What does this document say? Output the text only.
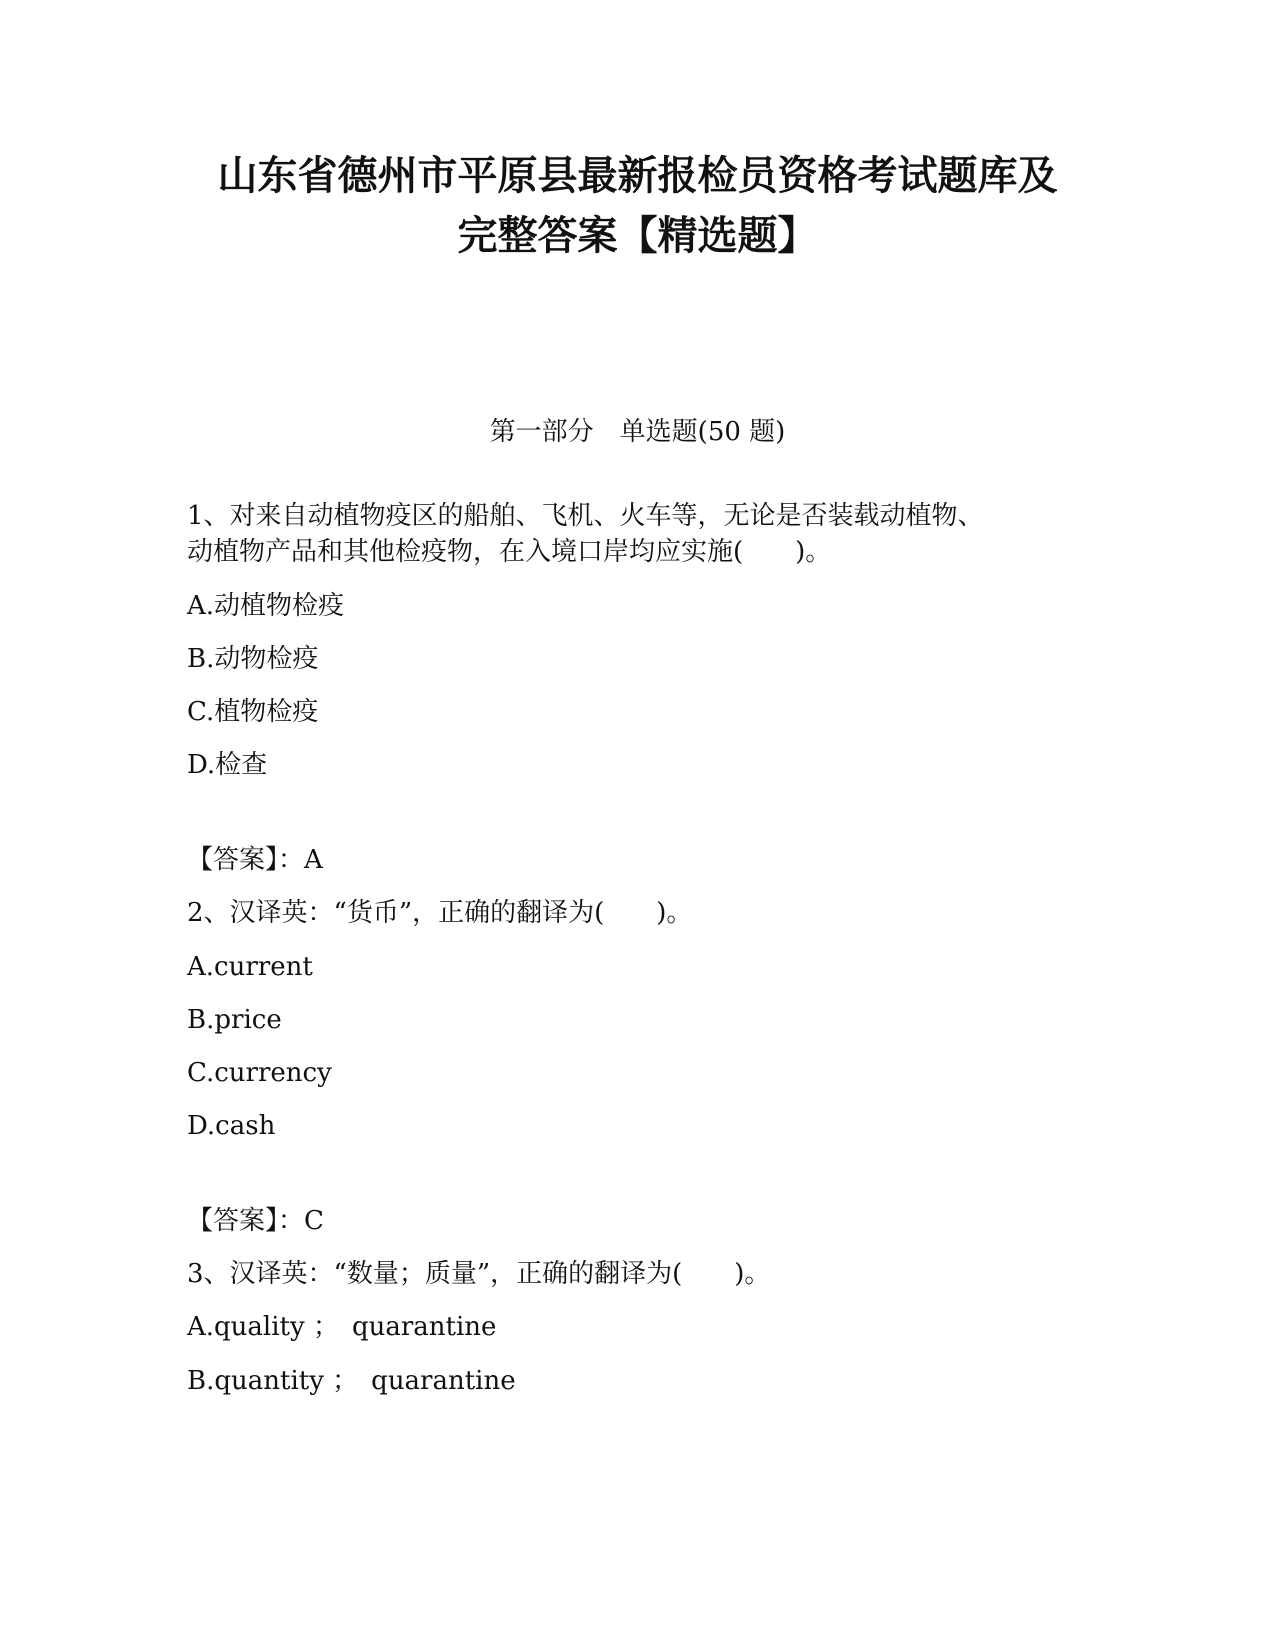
山东省德州市平原县最新报检员资格考试题库及
完整答案【精选题】

第一部分　单选题(50 题)

1、对来自动植物疫区的船舶、飞机、火车等，无论是否装载动植物、

动植物产品和其他检疫物，在入境口岸均应实施(　　)。

A.动植物检疫

B.动物检疫

C.植物检疫

D.检查

【答案】：A

2、汉译英：“货币”，正确的翻译为(　　)。

A.current

B.price

C.currency

D.cash

【答案】：C

3、汉译英：“数量；质量”，正确的翻译为(　　)。

A.quality ；　quarantine

B.quantity ；　quarantine
